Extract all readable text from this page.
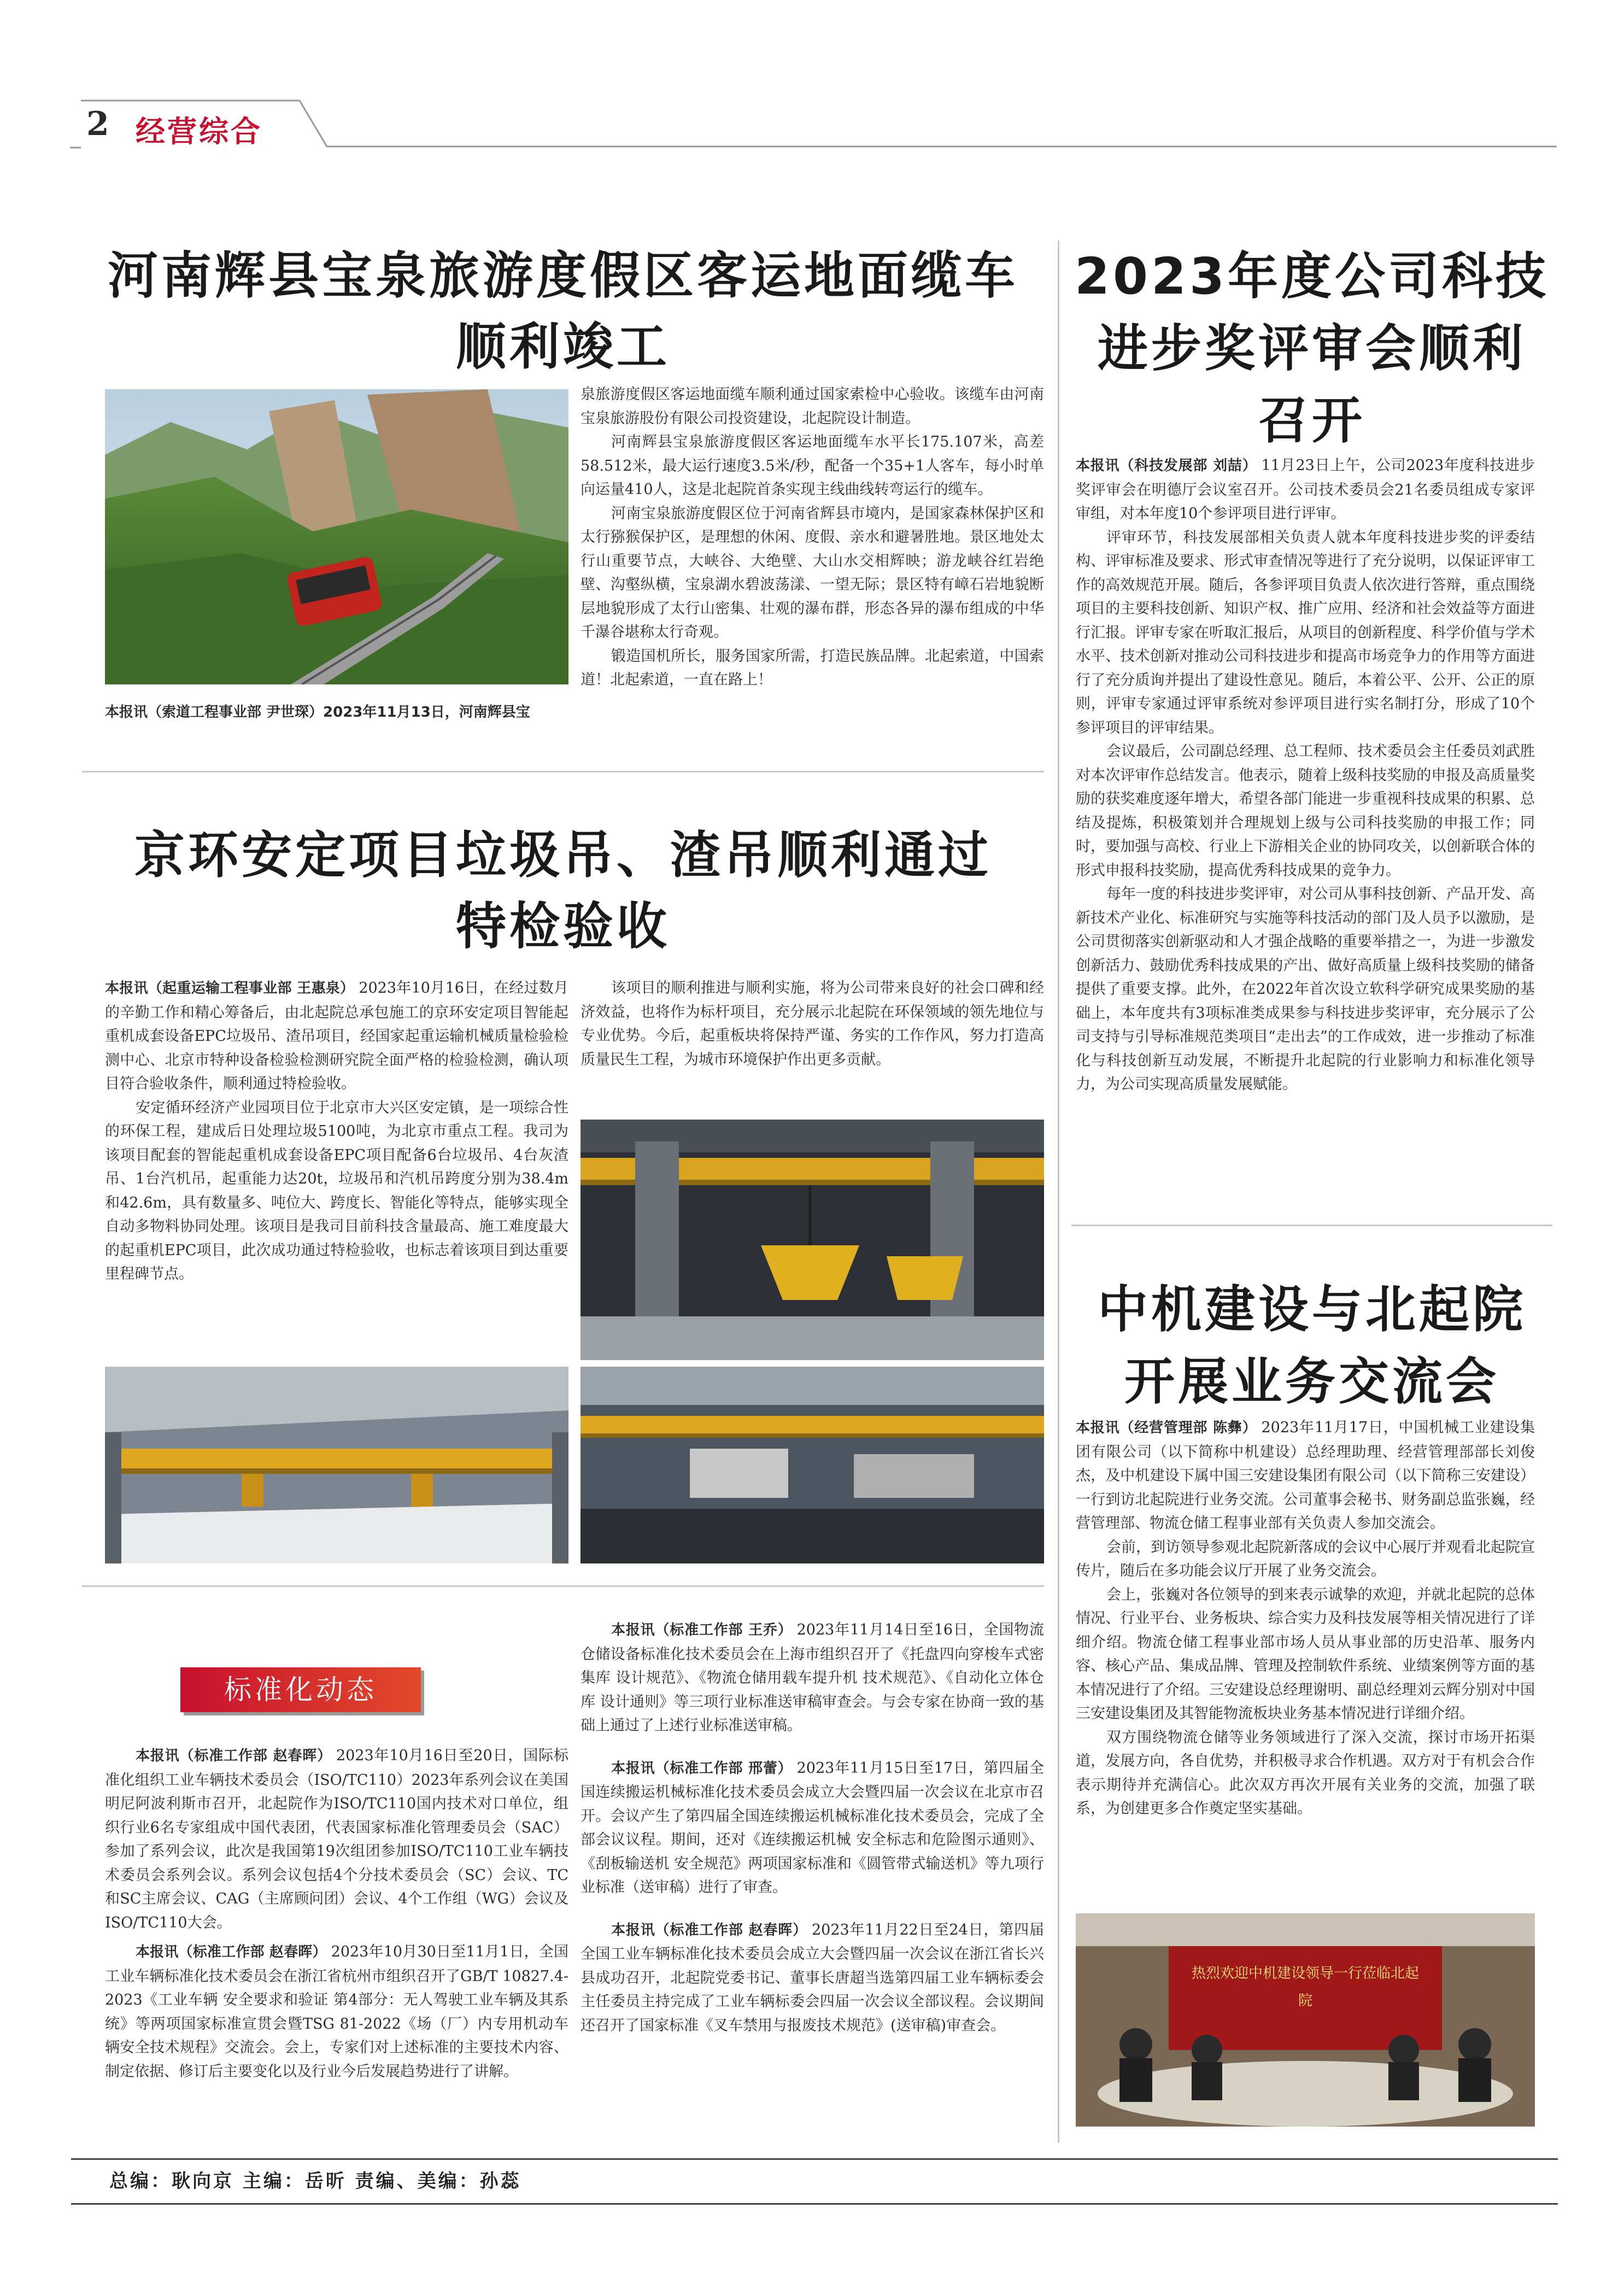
2 经营综合
河南辉县宝泉旅游度假区客运地面缆车
顺利竣工
本报讯（索道工程事业部 尹世琛）2023年11月13日，河南辉县宝

泉旅游度假区客运地面缆车顺利通过国家索检中心验收。该缆车由河南宝泉旅游股份有限公司投资建设，北起院设计制造。

河南辉县宝泉旅游度假区客运地面缆车水平长175.107米，高差58.512米，最大运行速度3.5米/秒，配备一个35+1人客车，每小时单向运量410人，这是北起院首条实现主线曲线转弯运行的缆车。

河南宝泉旅游度假区位于河南省辉县市境内，是国家森林保护区和太行猕猴保护区，是理想的休闲、度假、亲水和避暑胜地。景区地处太行山重要节点，大峡谷、大绝壁、大山水交相辉映；游龙峡谷红岩绝壁、沟壑纵横，宝泉湖水碧波荡漾、一望无际；景区特有嶂石岩地貌断层地貌形成了太行山密集、壮观的瀑布群，形态各异的瀑布组成的中华千瀑谷堪称太行奇观。

锻造国机所长，服务国家所需，打造民族品牌。北起索道，中国索道！北起索道，一直在路上！

2023年度公司科技
进步奖评审会顺利
召开

本报讯（科技发展部 刘喆） 11月23日上午，公司2023年度科技进步奖评审会在明德厅会议室召开。公司技术委员会21名委员组成专家评审组，对本年度10个参评项目进行评审。

评审环节，科技发展部相关负责人就本年度科技进步奖的评委结构、评审标准及要求、形式审查情况等进行了充分说明，以保证评审工作的高效规范开展。随后，各参评项目负责人依次进行答辩，重点围绕项目的主要科技创新、知识产权、推广应用、经济和社会效益等方面进行汇报。评审专家在听取汇报后，从项目的创新程度、科学价值与学术水平、技术创新对推动公司科技进步和提高市场竞争力的作用等方面进行了充分质询并提出了建设性意见。随后，本着公平、公开、公正的原则，评审专家通过评审系统对参评项目进行实名制打分，形成了10个参评项目的评审结果。

会议最后，公司副总经理、总工程师、技术委员会主任委员刘武胜对本次评审作总结发言。他表示，随着上级科技奖励的申报及高质量奖励的获奖难度逐年增大，希望各部门能进一步重视科技成果的积累、总结及提炼，积极策划并合理规划上级与公司科技奖励的申报工作；同时，要加强与高校、行业上下游相关企业的协同攻关，以创新联合体的形式申报科技奖励，提高优秀科技成果的竞争力。

每年一度的科技进步奖评审，对公司从事科技创新、产品开发、高新技术产业化、标准研究与实施等科技活动的部门及人员予以激励，是公司贯彻落实创新驱动和人才强企战略的重要举措之一，为进一步激发创新活力、鼓励优秀科技成果的产出、做好高质量上级科技奖励的储备提供了重要支撑。此外，在2022年首次设立软科学研究成果奖励的基础上，本年度共有3项标准类成果参与科技进步奖评审，充分展示了公司支持与引导标准规范类项目“走出去”的工作成效，进一步推动了标准化与科技创新互动发展，不断提升北起院的行业影响力和标准化领导力，为公司实现高质量发展赋能。

京环安定项目垃圾吊、渣吊顺利通过
特检验收

本报讯（起重运输工程事业部 王惠泉） 2023年10月16日，在经过数月的辛勤工作和精心筹备后，由北起院总承包施工的京环安定项目智能起重机成套设备EPC垃圾吊、渣吊项目，经国家起重运输机械质量检验检测中心、北京市特种设备检验检测研究院全面严格的检验检测，确认项目符合验收条件，顺利通过特检验收。

安定循环经济产业园项目位于北京市大兴区安定镇，是一项综合性的环保工程，建成后日处理垃圾5100吨，为北京市重点工程。我司为该项目配套的智能起重机成套设备EPC项目配备6台垃圾吊、4台灰渣吊、1台汽机吊，起重能力达20t，垃圾吊和汽机吊跨度分别为38.4m和42.6m，具有数量多、吨位大、跨度长、智能化等特点，能够实现全自动多物料协同处理。该项目是我司目前科技含量最高、施工难度最大的起重机EPC项目，此次成功通过特检验收，也标志着该项目到达重要里程碑节点。

该项目的顺利推进与顺利实施，将为公司带来良好的社会口碑和经济效益，也将作为标杆项目，充分展示北起院在环保领域的领先地位与专业优势。今后，起重板块将保持严谨、务实的工作作风，努力打造高质量民生工程，为城市环境保护作出更多贡献。

中机建设与北起院
开展业务交流会

本报讯（经营管理部 陈彝） 2023年11月17日，中国机械工业建设集团有限公司（以下简称中机建设）总经理助理、经营管理部部长刘俊杰，及中机建设下属中国三安建设集团有限公司（以下简称三安建设）一行到访北起院进行业务交流。公司董事会秘书、财务副总监张巍，经营管理部、物流仓储工程事业部有关负责人参加交流会。

会前，到访领导参观北起院新落成的会议中心展厅并观看北起院宣传片，随后在多功能会议厅开展了业务交流会。

会上，张巍对各位领导的到来表示诚挚的欢迎，并就北起院的总体情况、行业平台、业务板块、综合实力及科技发展等相关情况进行了详细介绍。物流仓储工程事业部市场人员从事业部的历史沿革、服务内容、核心产品、集成品牌、管理及控制软件系统、业绩案例等方面的基本情况进行了介绍。三安建设总经理谢明、副总经理刘云辉分别对中国三安建设集团及其智能物流板块业务基本情况进行详细介绍。

双方围绕物流仓储等业务领域进行了深入交流，探讨市场开拓渠道，发展方向，各自优势，并积极寻求合作机遇。双方对于有机会合作表示期待并充满信心。此次双方再次开展有关业务的交流，加强了联系，为创建更多合作奠定坚实基础。

热烈欢迎中机建设领导一行莅临北起院
标准化动态

本报讯（标准工作部 赵春晖） 2023年10月16日至20日，国际标准化组织工业车辆技术委员会（ISO/TC110）2023年系列会议在美国明尼阿波利斯市召开，北起院作为ISO/TC110国内技术对口单位，组织行业6名专家组成中国代表团，代表国家标准化管理委员会（SAC）参加了系列会议，此次是我国第19次组团参加ISO/TC110工业车辆技术委员会系列会议。系列会议包括4个分技术委员会（SC）会议、TC和SC主席会议、CAG（主席顾问团）会议、4个工作组（WG）会议及ISO/TC110大会。

本报讯（标准工作部 赵春晖） 2023年10月30日至11月1日，全国工业车辆标准化技术委员会在浙江省杭州市组织召开了GB/T 10827.4-2023《工业车辆 安全要求和验证 第4部分：无人驾驶工业车辆及其系统》等两项国家标准宣贯会暨TSG 81-2022《场（厂）内专用机动车辆安全技术规程》交流会。会上，专家们对上述标准的主要技术内容、制定依据、修订后主要变化以及行业今后发展趋势进行了讲解。

本报讯（标准工作部 王乔） 2023年11月14日至16日，全国物流仓储设备标准化技术委员会在上海市组织召开了《托盘四向穿梭车式密集库 设计规范》、《物流仓储用载车提升机 技术规范》、《自动化立体仓库 设计通则》等三项行业标准送审稿审查会。与会专家在协商一致的基础上通过了上述行业标准送审稿。

本报讯（标准工作部 邢蕾） 2023年11月15日至17日，第四届全国连续搬运机械标准化技术委员会成立大会暨四届一次会议在北京市召开。会议产生了第四届全国连续搬运机械标准化技术委员会，完成了全部会议议程。期间，还对《连续搬运机械 安全标志和危险图示通则》、《刮板输送机 安全规范》两项国家标准和《圆管带式输送机》等九项行业标准（送审稿）进行了审查。

本报讯（标准工作部 赵春晖） 2023年11月22日至24日，第四届全国工业车辆标准化技术委员会成立大会暨四届一次会议在浙江省长兴县成功召开，北起院党委书记、董事长唐超当选第四届工业车辆标委会主任委员主持完成了工业车辆标委会四届一次会议全部议程。会议期间还召开了国家标准《叉车禁用与报废技术规范》(送审稿)审查会。

总编：耿向京 主编：岳昕 责编、美编：孙蕊
